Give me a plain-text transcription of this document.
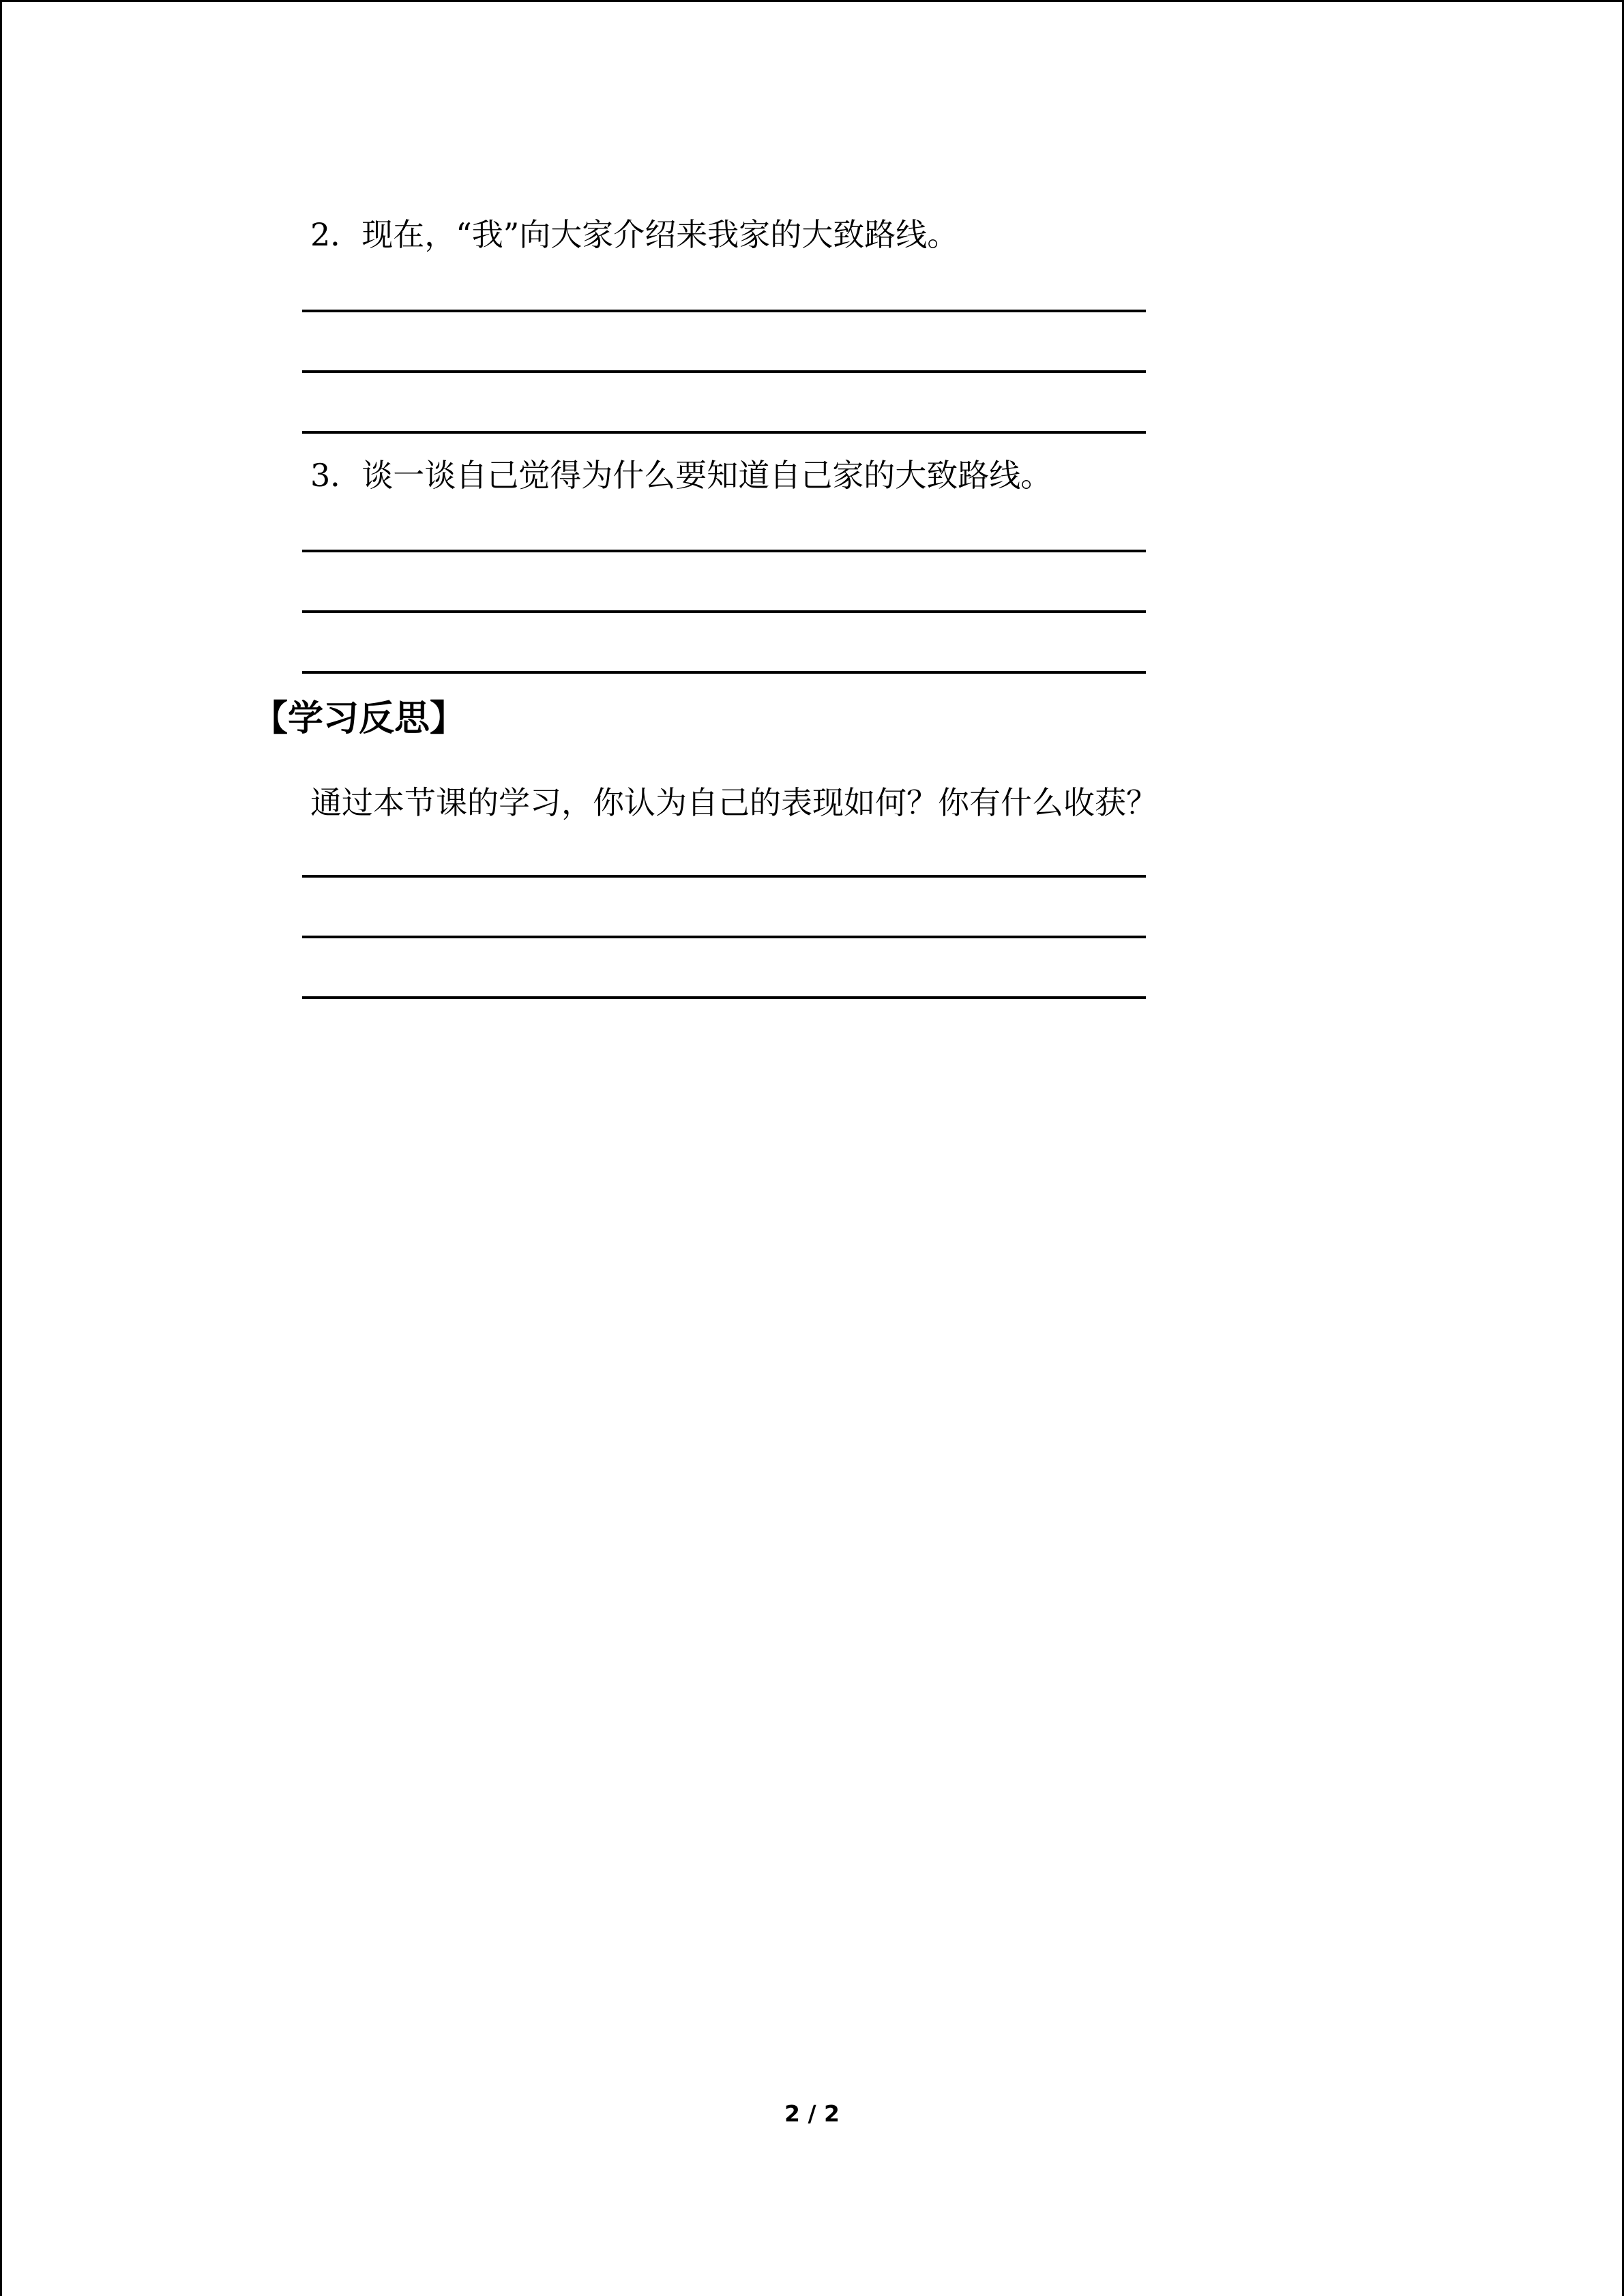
2．现在，“我”向大家介绍来我家的大致路线。
3．谈一谈自己觉得为什么要知道自己家的大致路线。
【学习反思】
通过本节课的学习，你认为自己的表现如何？你有什么收获？
2 / 2
